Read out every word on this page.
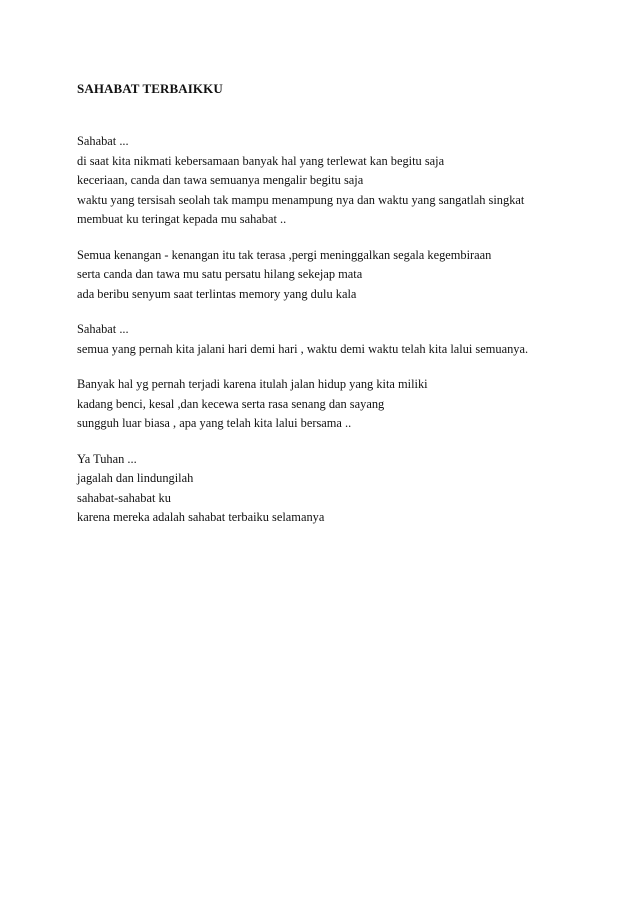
SAHABAT TERBAIKKU
Sahabat ...
di saat kita nikmati kebersamaan banyak hal yang terlewat kan begitu saja
keceriaan, canda dan tawa semuanya mengalir begitu saja
waktu yang tersisah seolah tak mampu menampung nya dan waktu yang sangatlah singkat
membuat ku teringat kepada mu sahabat ..
Semua kenangan - kenangan itu tak terasa ,pergi meninggalkan segala kegembiraan
serta canda dan tawa mu satu persatu hilang sekejap mata
ada beribu senyum saat terlintas memory yang dulu kala
Sahabat ...
semua yang pernah kita jalani hari demi hari , waktu demi waktu telah kita lalui semuanya.
Banyak hal yg pernah terjadi karena itulah jalan hidup yang kita miliki
kadang benci, kesal ,dan kecewa serta rasa senang dan sayang
sungguh luar biasa , apa yang telah kita lalui bersama ..
Ya Tuhan ...
jagalah dan lindungilah
sahabat-sahabat ku
karena mereka adalah sahabat terbaiku selamanya
